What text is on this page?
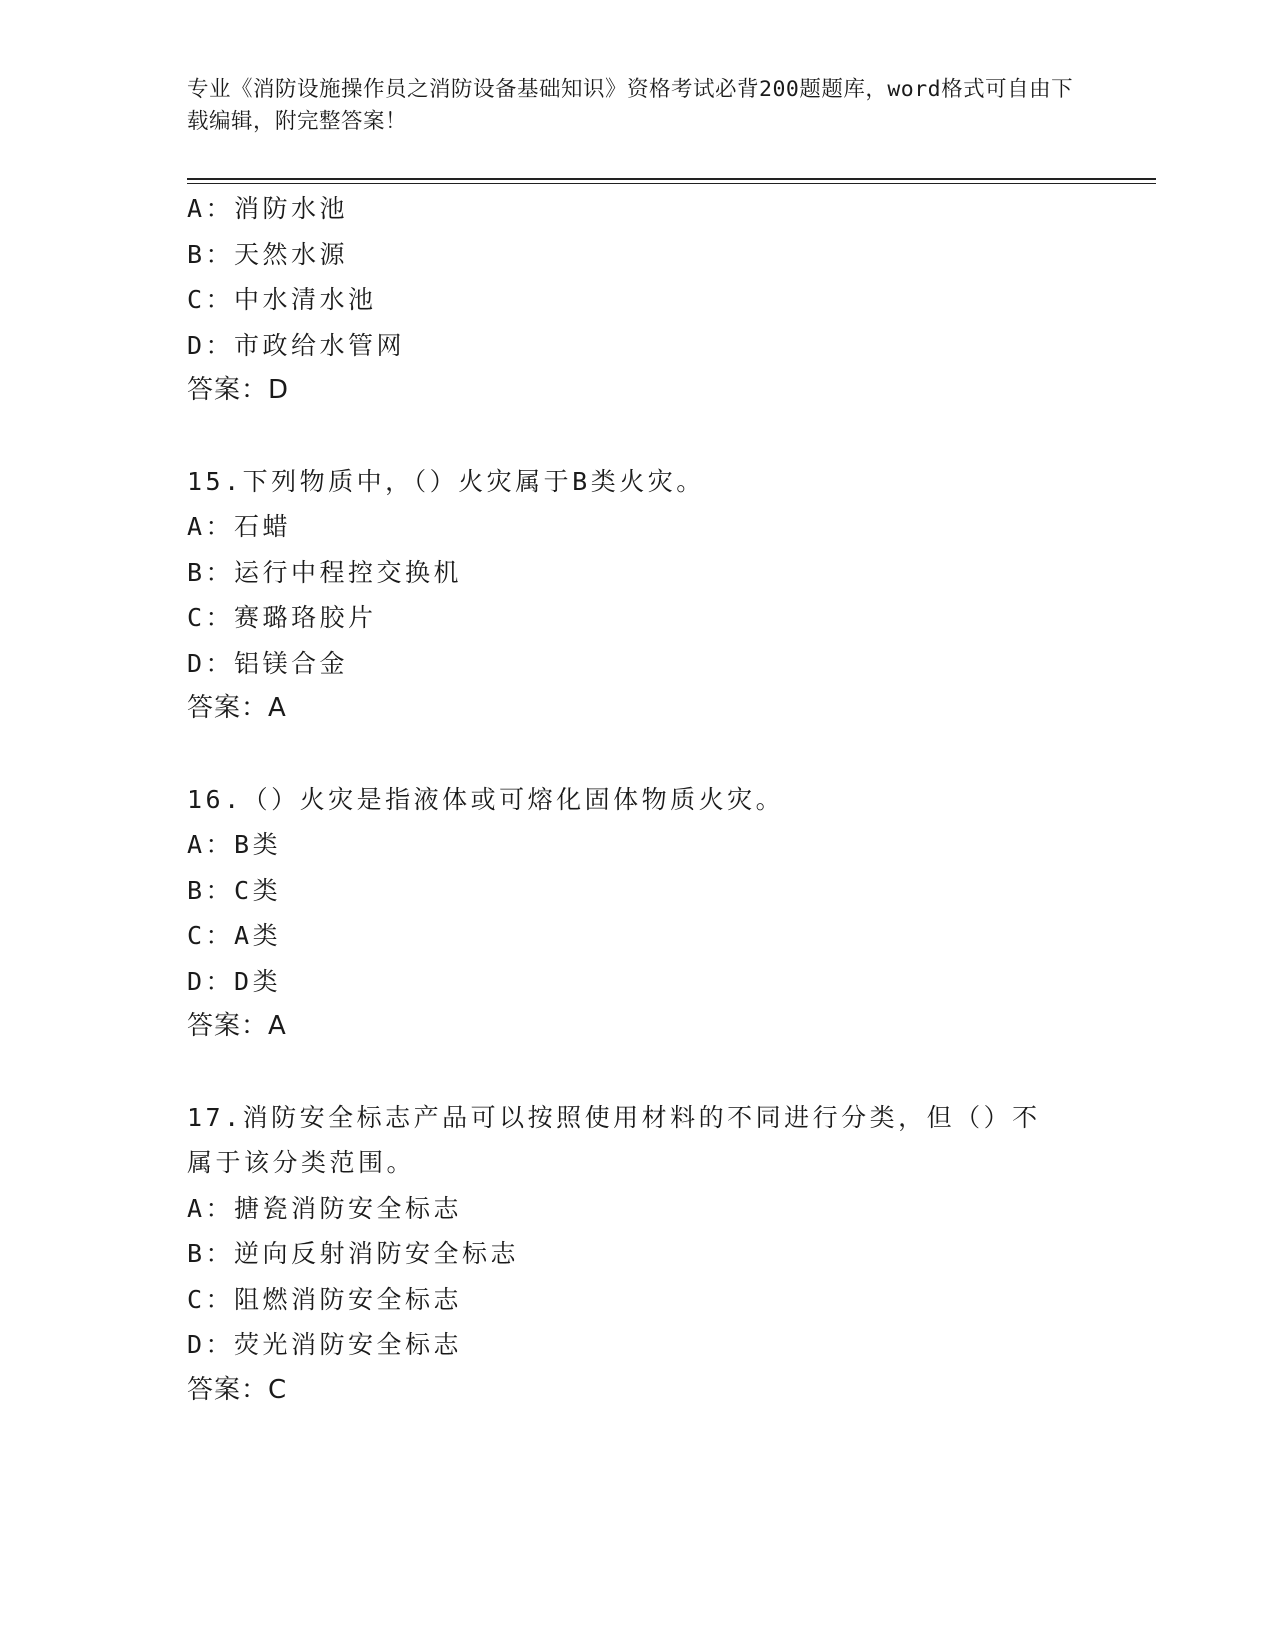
专业《消防设施操作员之消防设备基础知识》资格考试必背200题题库，word格式可自由下载编辑，附完整答案！
A：消防水池
B：天然水源
C：中水清水池
D：市政给水管网
答案：D
15.下列物质中，（）火灾属于B类火灾。
A：石蜡
B：运行中程控交换机
C：赛璐珞胶片
D：铝镁合金
答案：A
16.（）火灾是指液体或可熔化固体物质火灾。
A：B类
B：C类
C：A类
D：D类
答案：A
17.消防安全标志产品可以按照使用材料的不同进行分类，但（）不属于该分类范围。
A：搪瓷消防安全标志
B：逆向反射消防安全标志
C：阻燃消防安全标志
D：荧光消防安全标志
答案：C
